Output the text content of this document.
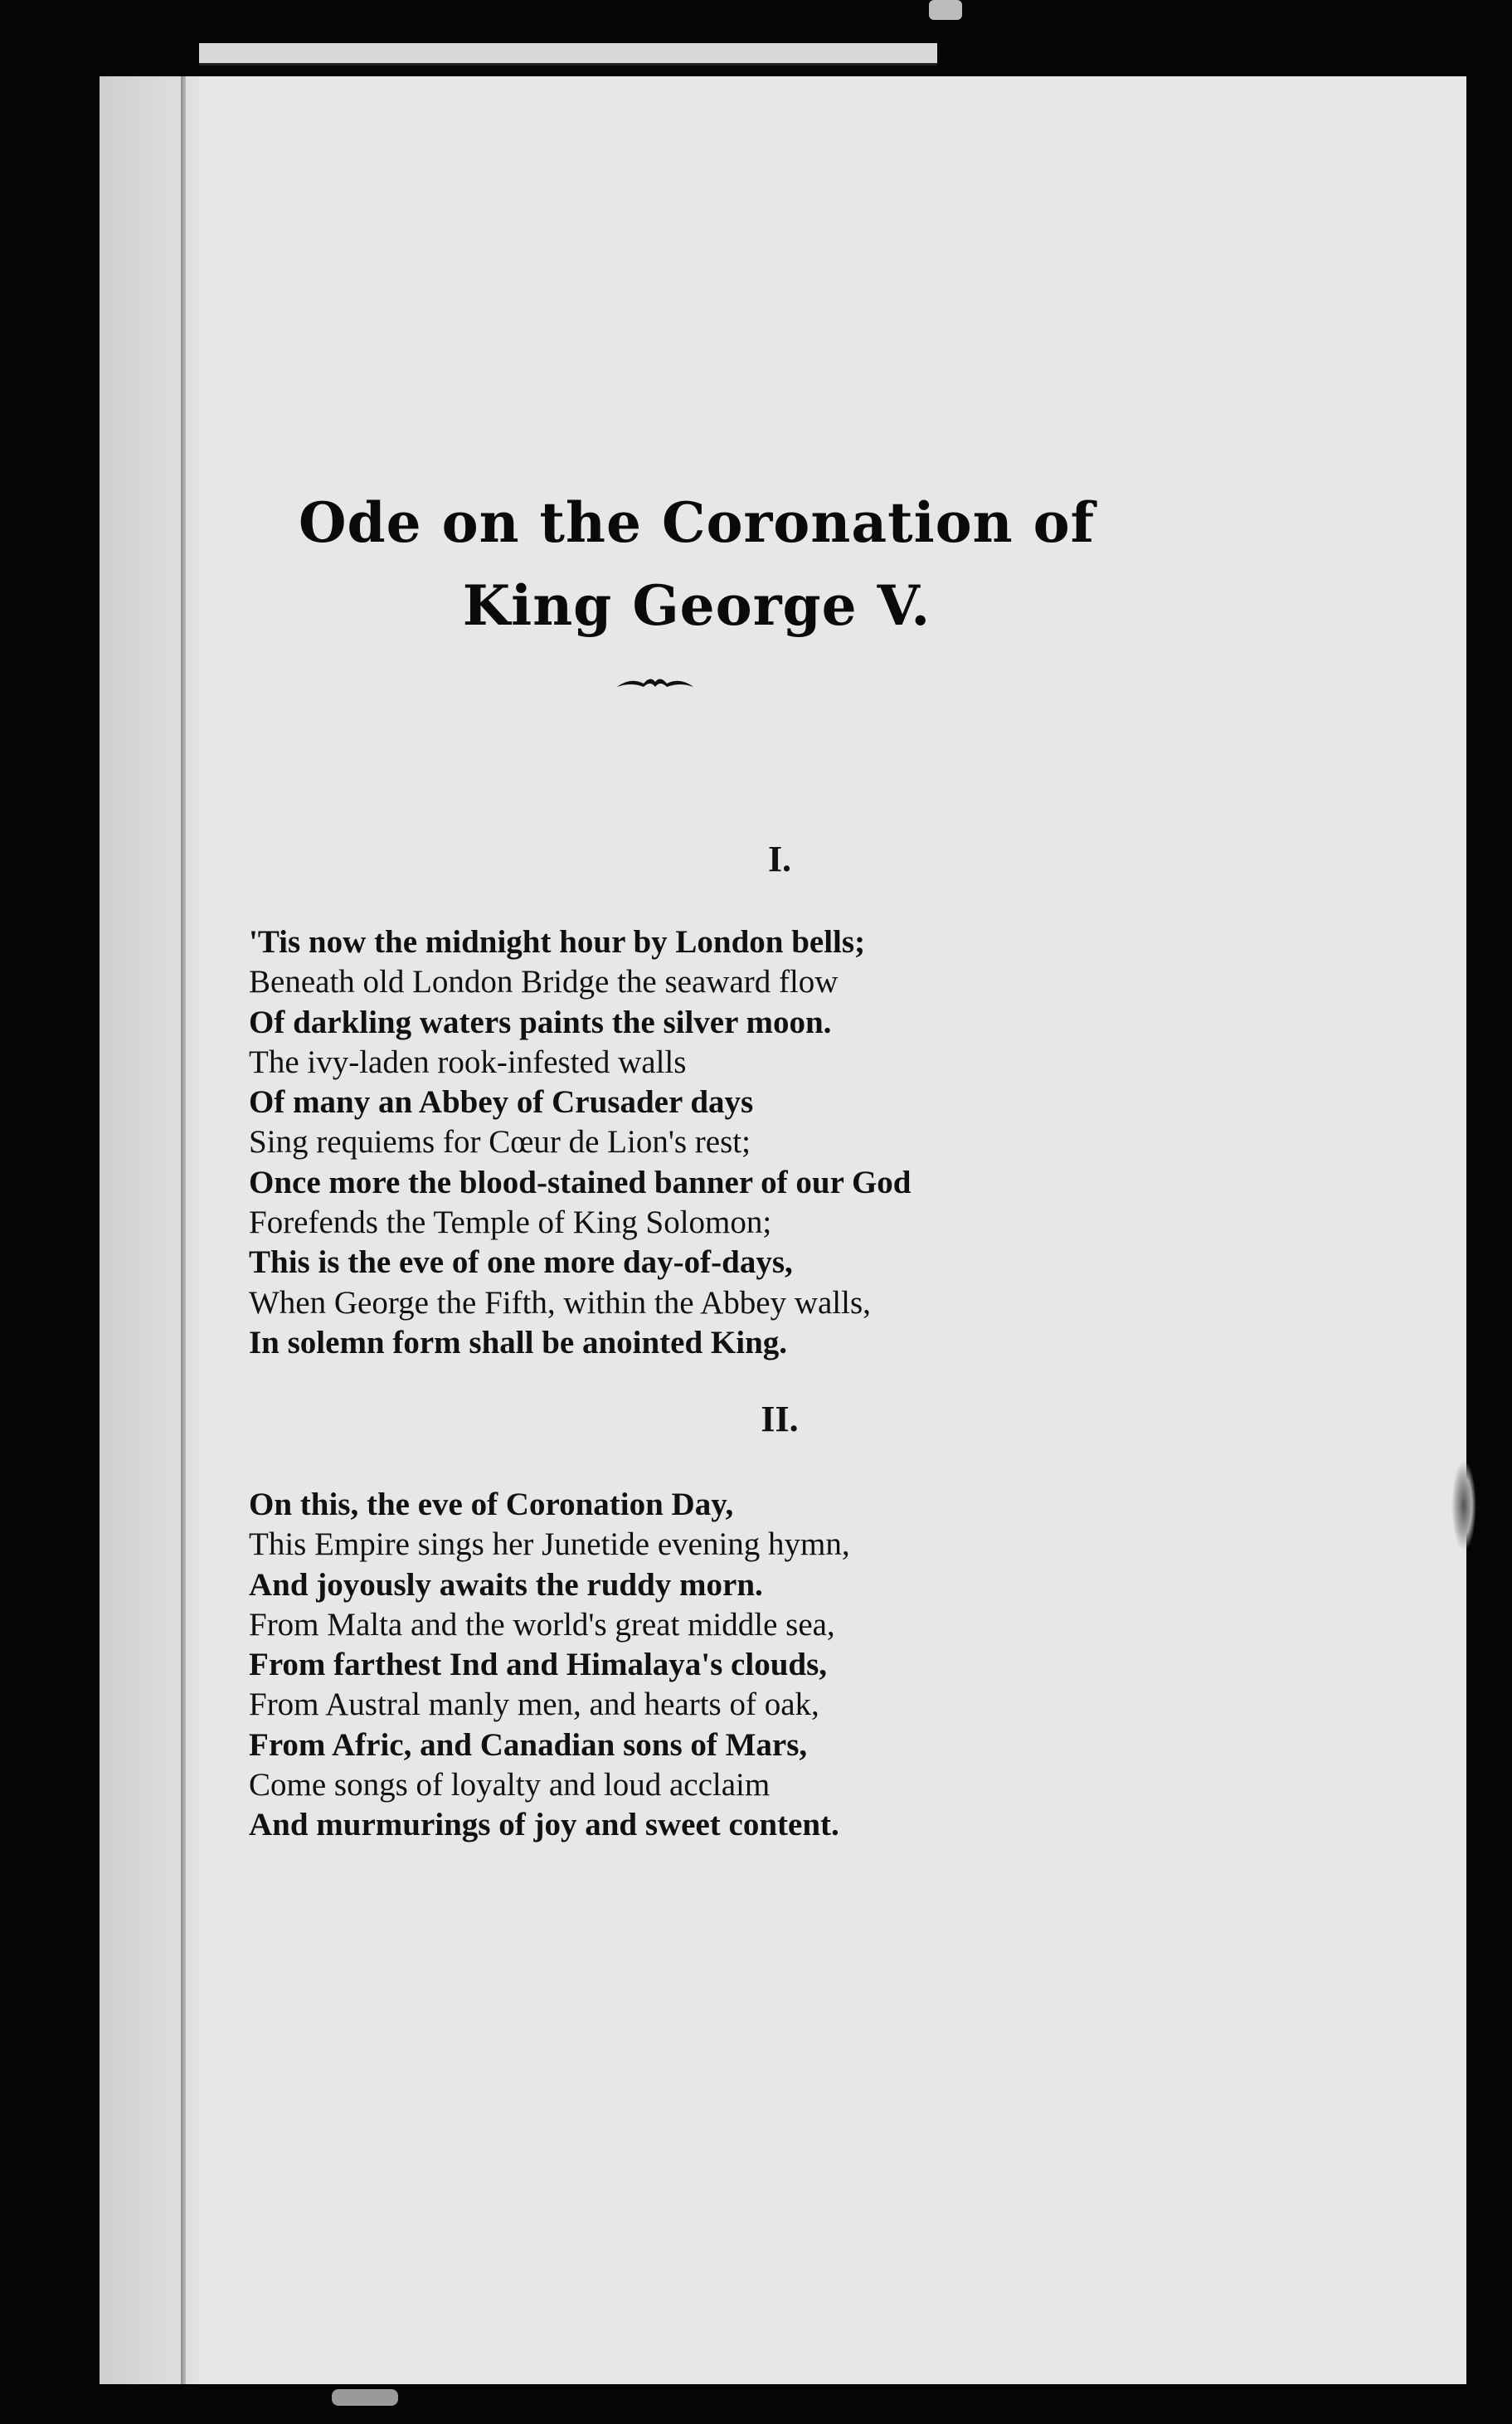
Ode on the Coronation of
King George V.
I.
'Tis now the midnight hour by London bells;
Beneath old London Bridge the seaward flow
Of darkling waters paints the silver moon.
The ivy-laden rook-infested walls
Of many an Abbey of Crusader days
Sing requiems for Cœur de Lion's rest;
Once more the blood-stained banner of our God
Forefends the Temple of King Solomon;
This is the eve of one more day-of-days,
When George the Fifth, within the Abbey walls,
In solemn form shall be anointed King.
II.
On this, the eve of Coronation Day,
This Empire sings her Junetide evening hymn,
And joyously awaits the ruddy morn.
From Malta and the world's great middle sea,
From farthest Ind and Himalaya's clouds,
From Austral manly men, and hearts of oak,
From Afric, and Canadian sons of Mars,
Come songs of loyalty and loud acclaim
And murmurings of joy and sweet content.
